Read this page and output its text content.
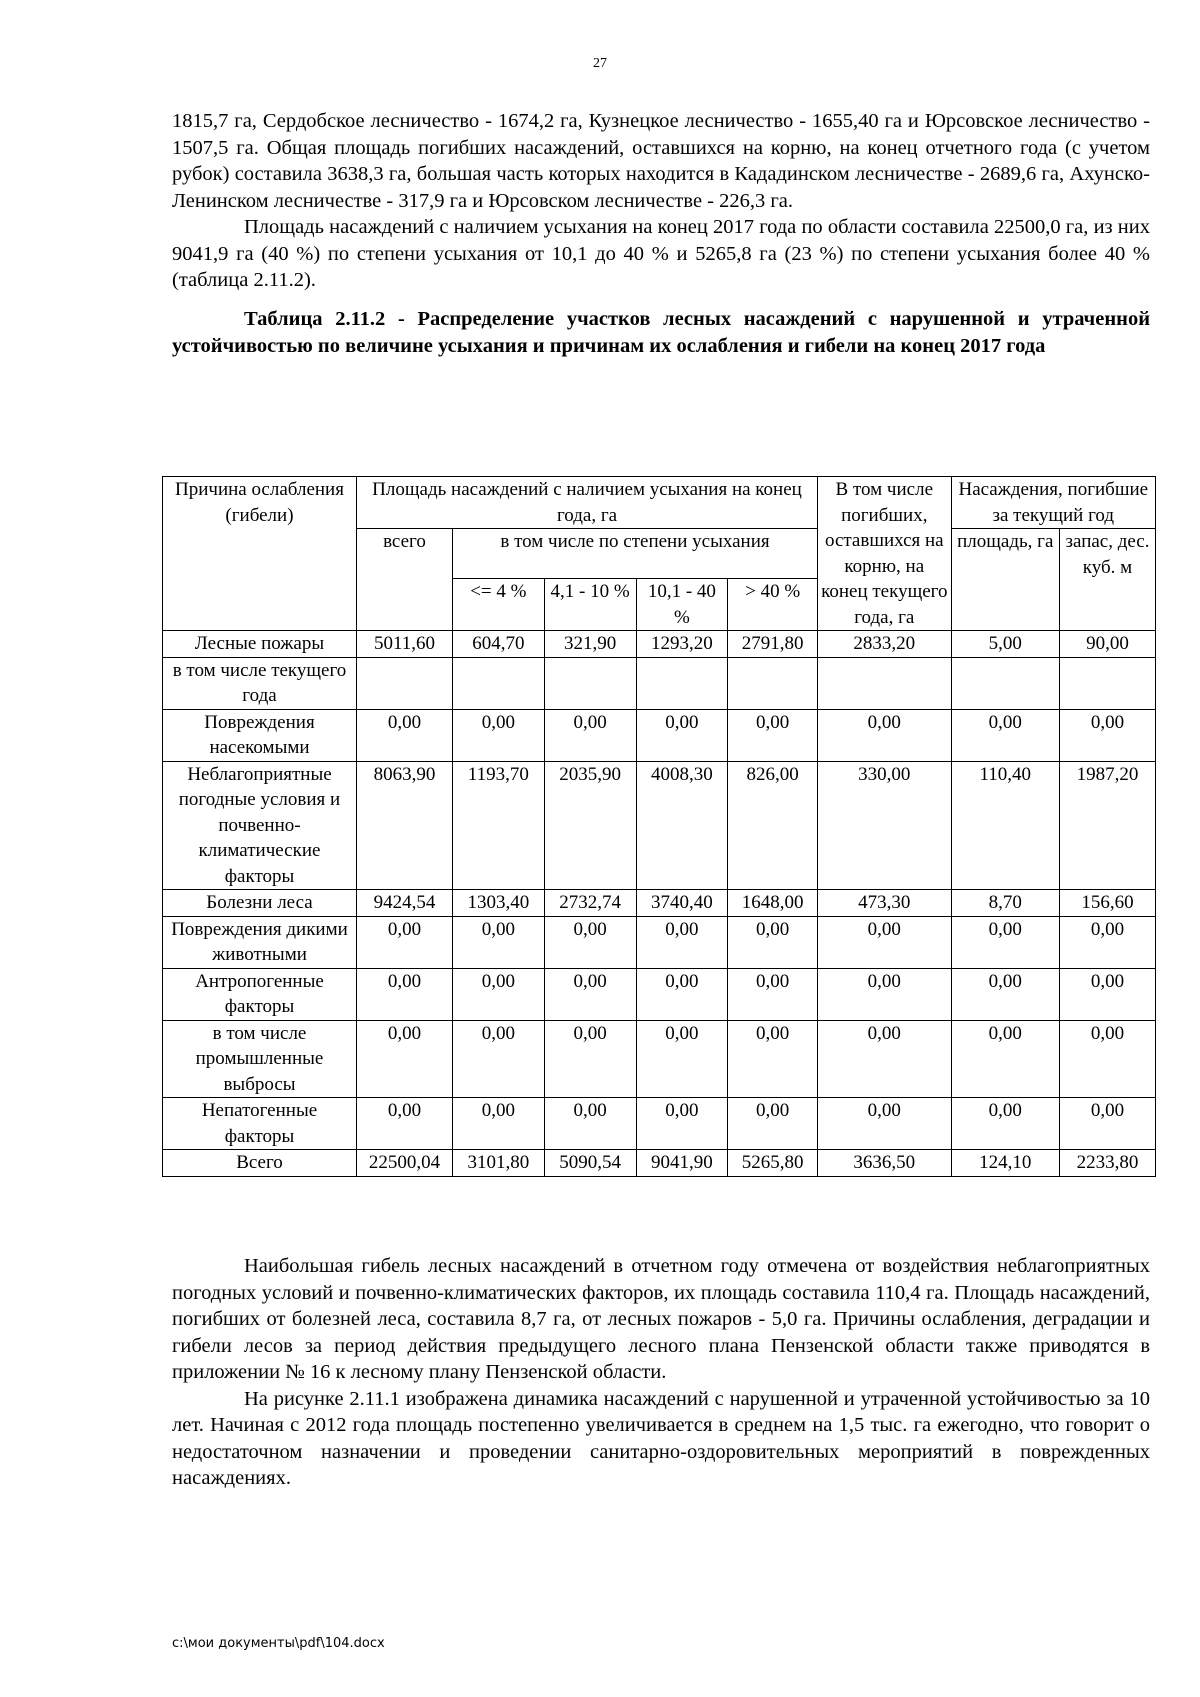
27

1815,7 га, Сердобское лесничество - 1674,2 га, Кузнецкое лесничество - 1655,40 га и Юрсовское лесничество - 1507,5 га. Общая площадь погибших насаждений, оставшихся на корню, на конец отчетного года (с учетом рубок) составила 3638,3 га, большая часть которых находится в Кададинском лесничестве - 2689,6 га, Ахунско-Ленинском лесничестве - 317,9 га и Юрсовском лесничестве - 226,3 га.

Площадь насаждений с наличием усыхания на конец 2017 года по области составила 22500,0 га, из них 9041,9 га (40 %) по степени усыхания от 10,1 до 40 % и 5265,8 га (23 %) по степени усыхания более 40 % (таблица 2.11.2).

Таблица 2.11.2 - Распределение участков лесных насаждений с нарушенной и утраченной устойчивостью по величине усыхания и причинам их ослабления и гибели на конец 2017 года

Причина ослабления (гибели)	Площадь насаждений с наличием усыхания на конец года, га					В том числе погибших, оставшихся на корню, на конец текущего года, га	Насаждения, погибшие за текущий год	
	всего	в том числе по степени усыхания					площадь, га	запас, дес. куб. м
		<= 4 %	4,1 - 10 %	10,1 - 40 %	> 40 %			
Лесные пожары	5011,60	604,70	321,90	1293,20	2791,80	2833,20	5,00	90,00
в том числе текущего года								
Повреждения насекомыми	0,00	0,00	0,00	0,00	0,00	0,00	0,00	0,00
Неблагоприятные погодные условия и почвенно-климатические факторы	8063,90	1193,70	2035,90	4008,30	826,00	330,00	110,40	1987,20
Болезни леса	9424,54	1303,40	2732,74	3740,40	1648,00	473,30	8,70	156,60
Повреждения дикими животными	0,00	0,00	0,00	0,00	0,00	0,00	0,00	0,00
Антропогенные факторы	0,00	0,00	0,00	0,00	0,00	0,00	0,00	0,00
в том числе промышленные выбросы	0,00	0,00	0,00	0,00	0,00	0,00	0,00	0,00
Непатогенные факторы	0,00	0,00	0,00	0,00	0,00	0,00	0,00	0,00
Всего	22500,04	3101,80	5090,54	9041,90	5265,80	3636,50	124,10	2233,80

Наибольшая гибель лесных насаждений в отчетном году отмечена от воздействия неблагоприятных погодных условий и почвенно-климатических факторов, их площадь составила 110,4 га. Площадь насаждений, погибших от болезней леса, составила 8,7 га, от лесных пожаров - 5,0 га. Причины ослабления, деградации и гибели лесов за период действия предыдущего лесного плана Пензенской области также приводятся в приложении № 16 к лесному плану Пензенской области.

На рисунке 2.11.1 изображена динамика насаждений с нарушенной и утраченной устойчивостью за 10 лет. Начиная с 2012 года площадь постепенно увеличивается в среднем на 1,5 тыс. га ежегодно, что говорит о недостаточном назначении и проведении санитарно-оздоровительных мероприятий в поврежденных насаждениях.

c:\мои документы\pdf\104.docx
